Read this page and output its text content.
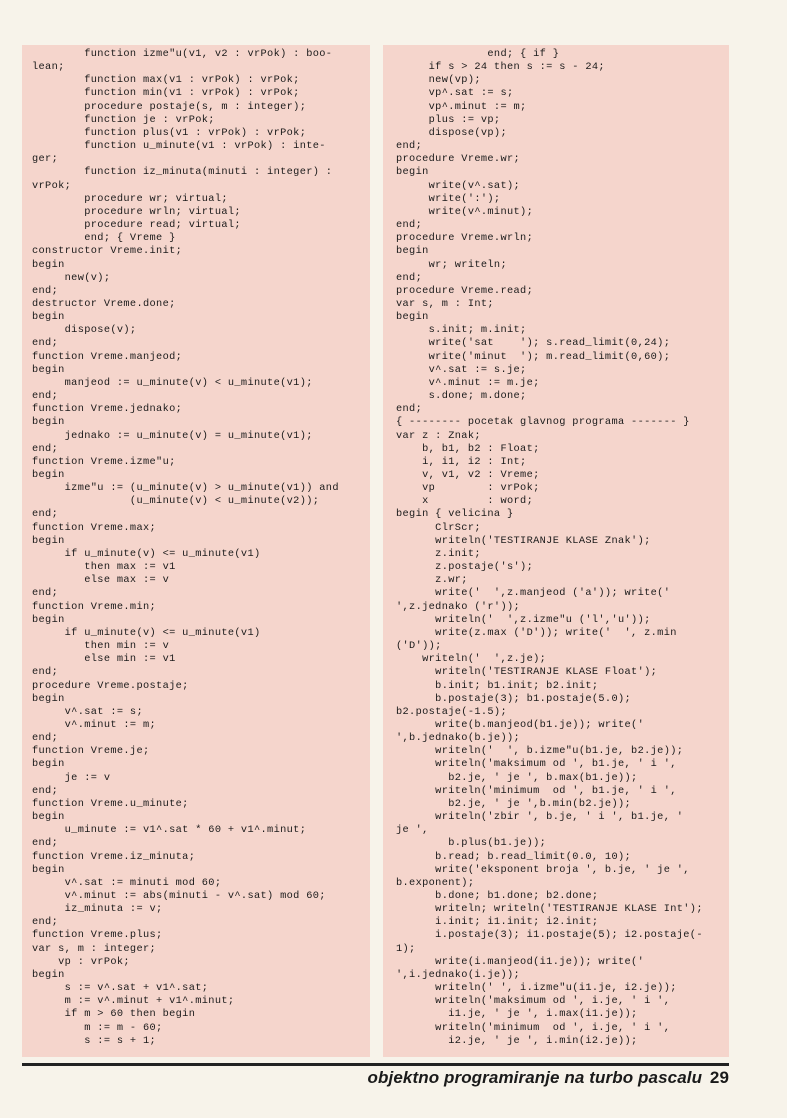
function izme"u(v1, v2 : vrPok) : boo-
lean;
function max(v1 : vrPok) : vrPok;
function min(v1 : vrPok) : vrPok;
procedure postaje(s, m : integer);
function je : vrPok;
function plus(v1 : vrPok) : vrPok;
function u_minute(v1 : vrPok) : inte-
ger;
function iz_minuta(minuti : integer) :
vrPok;
procedure wr; virtual;
procedure wrln; virtual;
procedure read; virtual;
end; { Vreme }
constructor Vreme.init;
begin
new(v);
end;
destructor Vreme.done;
begin
dispose(v);
end;
function Vreme.manjeod;
begin
manjeod := u_minute(v) < u_minute(v1);
end;
function Vreme.jednako;
begin
jednako := u_minute(v) = u_minute(v1);
end;
function Vreme.izme"u;
begin
izme"u := (u_minute(v) > u_minute(v1)) and
(u_minute(v) < u_minute(v2));
end;
function Vreme.max;
begin
if u_minute(v) <= u_minute(v1)
then max := v1
else max := v
end;
function Vreme.min;
begin
if u_minute(v) <= u_minute(v1)
then min := v
else min := v1
end;
procedure Vreme.postaje;
begin
v^.sat := s;
v^.minut := m;
end;
function Vreme.je;
begin
je := v
end;
function Vreme.u_minute;
begin
u_minute := v1^.sat * 60 + v1^.minut;
end;
function Vreme.iz_minuta;
begin
v^.sat := minuti mod 60;
v^.minut := abs(minuti - v^.sat) mod 60;
iz_minuta := v;
end;
function Vreme.plus;
var s, m : integer;
vp : vrPok;
begin
s := v^.sat + v1^.sat;
m := v^.minut + v1^.minut;
if m > 60 then begin
m := m - 60;
s := s + 1;

end; { if }
if s > 24 then s := s - 24;
new(vp);
vp^.sat := s;
vp^.minut := m;
plus := vp;
dispose(vp);
end;
procedure Vreme.wr;
begin
write(v^.sat);
write(':');
write(v^.minut);
end;
procedure Vreme.wrln;
begin
wr; writeln;
end;
procedure Vreme.read;
var s, m : Int;
begin
s.init; m.init;
write('sat    '); s.read_limit(0,24);
write('minut  '); m.read_limit(0,60);
v^.sat := s.je;
v^.minut := m.je;
s.done; m.done;
end;
{ -------- pocetak glavnog programa ------- }
var z : Znak;
b, b1, b2 : Float;
i, i1, i2 : Int;
v, v1, v2 : Vreme;
vp        : vrPok;
x         : word;
begin { velicina }
ClrScr;
writeln('TESTIRANJE KLASE Znak');
z.init;
z.postaje('s');
z.wr;
write('  ',z.manjeod ('a')); write('
',z.jednako ('r'));
writeln('  ',z.izme"u ('l','u'));
write(z.max ('D')); write('  ', z.min
('D'));
writeln('  ',z.je);
writeln('TESTIRANJE KLASE Float');
b.init; b1.init; b2.init;
b.postaje(3); b1.postaje(5.0);
b2.postaje(-1.5);
write(b.manjeod(b1.je)); write('
',b.jednako(b.je));
writeln('  ', b.izme"u(b1.je, b2.je));
writeln('maksimum od ', b1.je, ' i ',
b2.je, ' je ', b.max(b1.je));
writeln('minimum  od ', b1.je, ' i ',
b2.je, ' je ',b.min(b2.je));
writeln('zbir ', b.je, ' i ', b1.je, '
je ',
b.plus(b1.je));
b.read; b.read_limit(0.0, 10);
write('eksponent broja ', b.je, ' je ',
b.exponent);
b.done; b1.done; b2.done;
writeln; writeln('TESTIRANJE KLASE Int');
i.init; i1.init; i2.init;
i.postaje(3); i1.postaje(5); i2.postaje(-
1);
write(i.manjeod(i1.je)); write('
',i.jednako(i.je));
writeln(' ', i.izme"u(i1.je, i2.je));
writeln('maksimum od ', i.je, ' i ',
i1.je, ' je ', i.max(i1.je));
writeln('minimum  od ', i.je, ' i ',
i2.je, ' je ', i.min(i2.je));

objektno programiranje na turbo pascalu 29
